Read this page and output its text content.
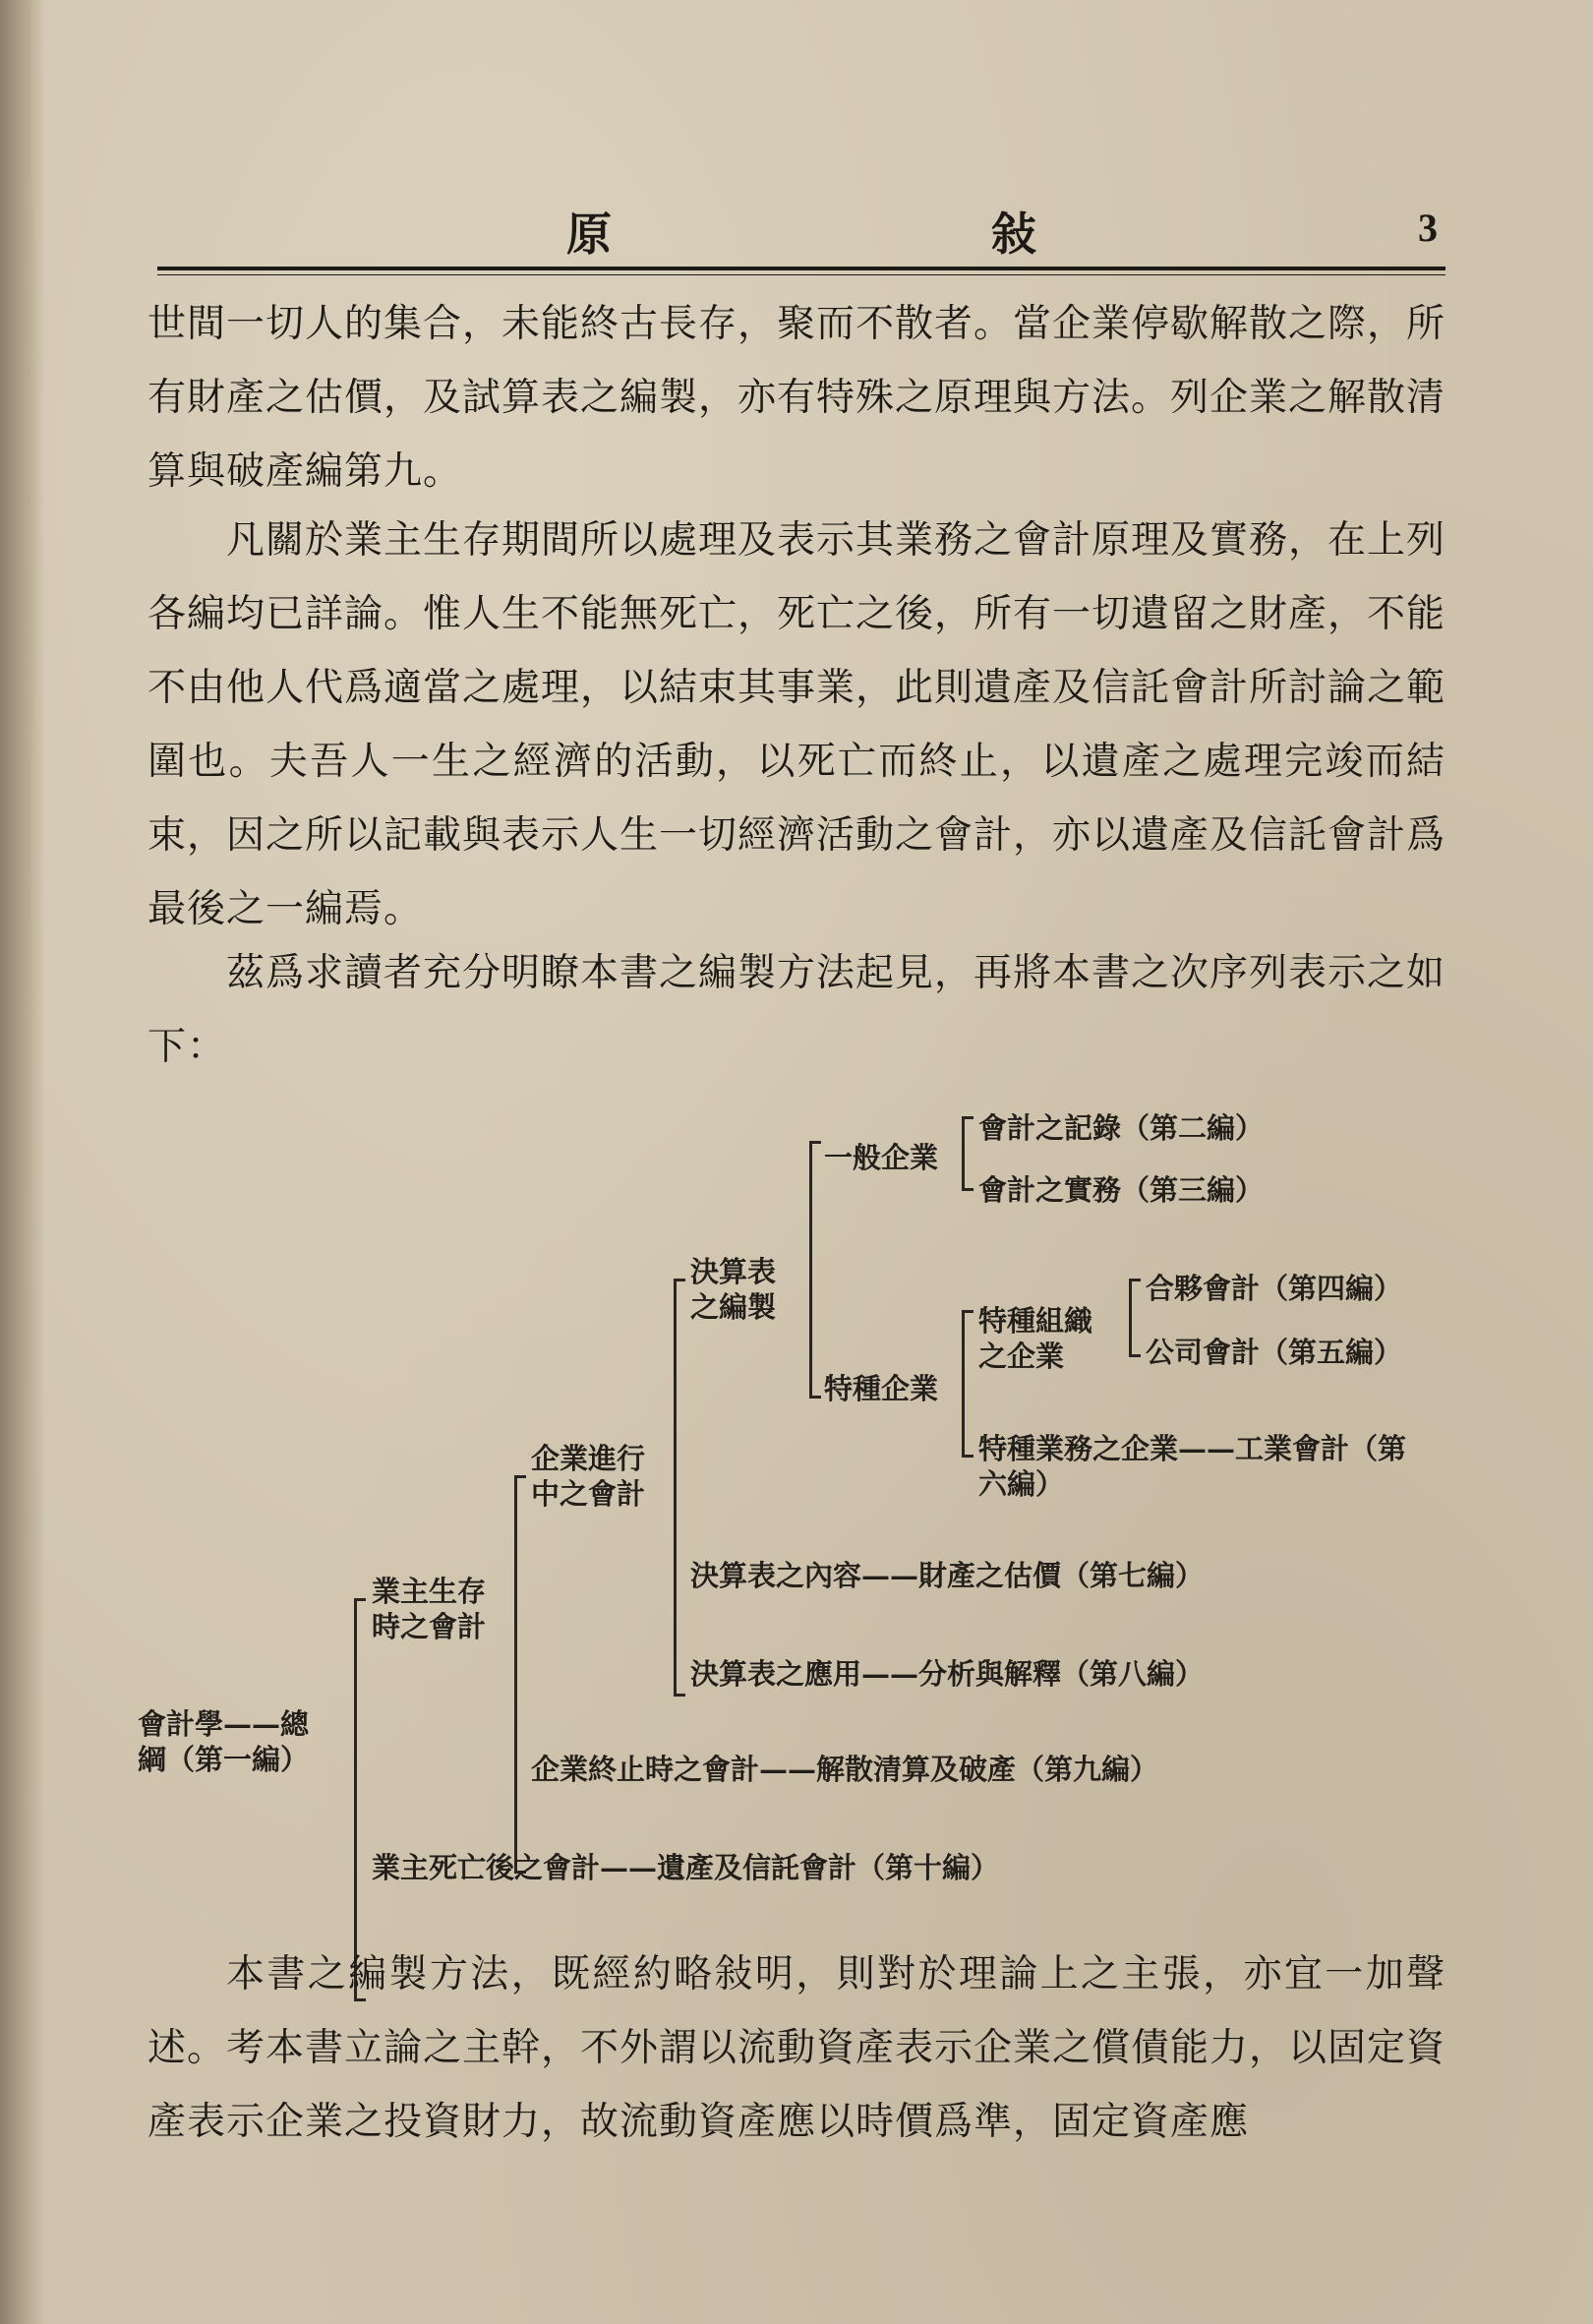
原　敍	3

世間一切人的集合，未能終古長存，聚而不散者。當企業停歇解散之際，所有財產之估價，及試算表之編製，亦有特殊之原理與方法。列企業之解散清算與破產編第九。

凡關於業主生存期間所以處理及表示其業務之會計原理及實務，在上列各編均已詳論。惟人生不能無死亡，死亡之後，所有一切遺留之財產，不能不由他人代爲適當之處理，以結束其事業，此則遺產及信託會計所討論之範圍也。夫吾人一生之經濟的活動，以死亡而終止，以遺產之處理完竣而結束，因之所以記載與表示人生一切經濟活動之會計，亦以遺產及信託會計爲最後之一編焉。

茲爲求讀者充分明瞭本書之編製方法起見，再將本書之次序列表示之如下：

會計學——總綱（第一編）
業主生存時之會計
業主死亡後之會計——遺產及信託會計（第十編）
企業進行中之會計
企業終止時之會計——解散清算及破產（第九編）
決算表之編製
決算表之內容——財產之估價（第七編）
決算表之應用——分析與解釋（第八編）
一般企業
特種企業
會計之記錄（第二編）
會計之實務（第三編）
特種組織之企業
特種業務之企業——工業會計（第六編）
合夥會計（第四編）
公司會計（第五編）

本書之編製方法，既經約略敍明，則對於理論上之主張，亦宜一加聲述。考本書立論之主幹，不外謂以流動資產表示企業之償債能力，以固定資產表示企業之投資財力，故流動資產應以時價爲準，固定資產應
